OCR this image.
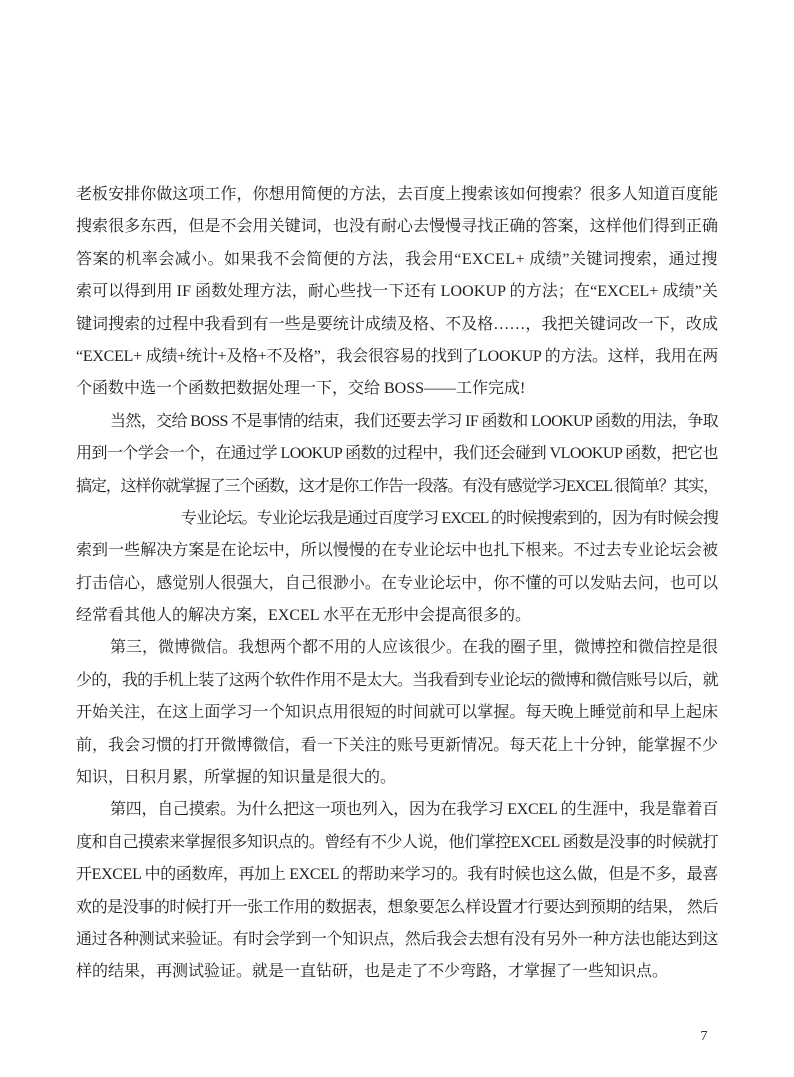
老板安排你做这项工作，你想用简便的方法，去百度上搜索该如何搜索？很多人知道百度能
搜索很多东西，但是不会用关键词，也没有耐心去慢慢寻找正确的答案，这样他们得到正确
答案的机率会减小。如果我不会简便的方法，我会用“EXCEL+ 成绩”关键词搜索，通过搜
索可以得到用 IF 函数处理方法，耐心些找一下还有 LOOKUP 的方法；在“EXCEL+ 成绩”关
键词搜索的过程中我看到有一些是要统计成绩及格、不及格……，我把关键词改一下，改成
“EXCEL+ 成绩+统计+及格+不及格”，我会很容易的找到了LOOKUP 的方法。这样，我用在两
个函数中选一个函数把数据处理一下，交给 BOSS——工作完成!
当然，交给 BOSS 不是事情的结束，我们还要去学习 IF 函数和 LOOKUP 函数的用法，争取
用到一个学会一个，在通过学 LOOKUP 函数的过程中，我们还会碰到 VLOOKUP 函数，把它也
搞定，这样你就掌握了三个函数，这才是你工作告一段落。有没有感觉学习EXCEL 很简单？其实，
专业论坛。专业论坛我是通过百度学习 EXCEL 的时候搜索到的，因为有时候会搜
索到一些解决方案是在论坛中，所以慢慢的在专业论坛中也扎下根来。不过去专业论坛会被
打击信心，感觉别人很强大，自己很渺小。在专业论坛中，你不懂的可以发贴去问，也可以
经常看其他人的解决方案，EXCEL 水平在无形中会提高很多的。
第三，微博微信。我想两个都不用的人应该很少。在我的圈子里，微博控和微信控是很
少的，我的手机上装了这两个软件作用不是太大。当我看到专业论坛的微博和微信账号以后，就
开始关注，在这上面学习一个知识点用很短的时间就可以掌握。每天晚上睡觉前和早上起床
前，我会习惯的打开微博微信，看一下关注的账号更新情况。每天花上十分钟，能掌握不少
知识，日积月累，所掌握的知识量是很大的。
第四，自己摸索。为什么把这一项也列入，因为在我学习 EXCEL 的生涯中，我是靠着百
度和自己摸索来掌握很多知识点的。曾经有不少人说，他们掌控EXCEL 函数是没事的时候就打
开EXCEL 中的函数库，再加上 EXCEL 的帮助来学习的。我有时候也这么做，但是不多，最喜
欢的是没事的时候打开一张工作用的数据表，想象要怎么样设置才行要达到预期的结果， 然后
通过各种测试来验证。有时会学到一个知识点，然后我会去想有没有另外一种方法也能达到这
样的结果，再测试验证。就是一直钻研，也是走了不少弯路，才掌握了一些知识点。
7
